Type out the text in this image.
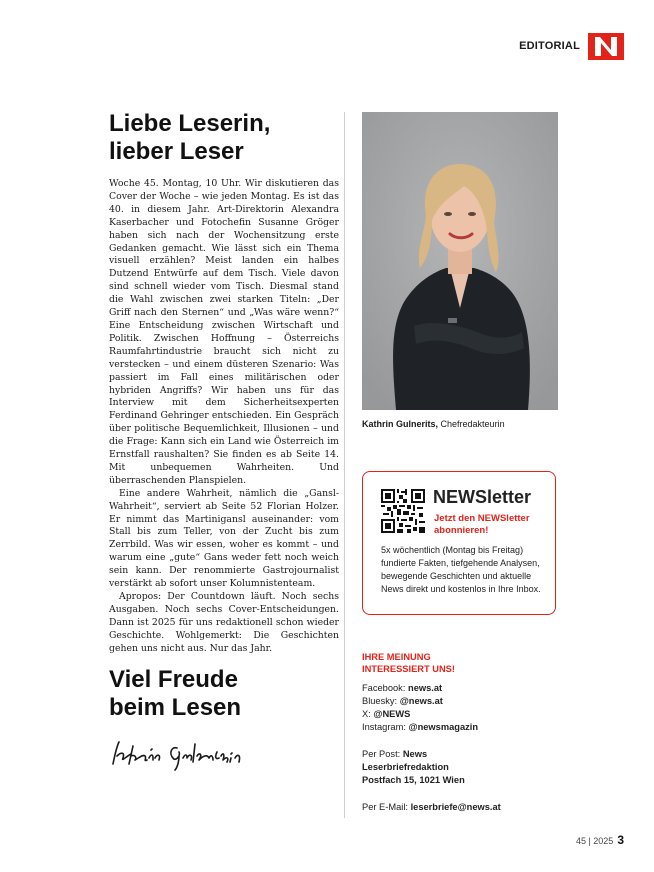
EDITORIAL
Liebe Leserin,
lieber Leser

Woche 45. Montag, 10 Uhr. Wir diskutieren das Cover der Woche – wie jeden Montag. Es ist das 40. in diesem Jahr. Art-Direktorin Alexandra Kaserbacher und Fotochefin Susanne Gröger haben sich nach der Wochensitzung erste Gedanken gemacht. Wie lässt sich ein Thema visuell erzählen? Meist landen ein halbes Dutzend Entwürfe auf dem Tisch. Viele davon sind schnell wieder vom Tisch. Diesmal stand die Wahl zwischen zwei starken Titeln: „Der Griff nach den Sternen“ und „Was wäre wenn?“ Eine Entscheidung zwischen Wirtschaft und Politik. Zwischen Hoffnung – Österreichs Raumfahrtindustrie braucht sich nicht zu verstecken – und einem düsteren Szenario: Was passiert im Fall eines militärischen oder hybriden Angriffs? Wir haben uns für das Interview mit dem Sicherheitsexperten Ferdinand Gehringer entschieden. Ein Gespräch über politische Bequemlichkeit, Illusionen – und die Frage: Kann sich ein Land wie Österreich im Ernstfall raushalten? Sie finden es ab Seite 14. Mit unbequemen Wahrheiten. Und überraschenden Planspielen.

Eine andere Wahrheit, nämlich die „Gansl-Wahrheit“, serviert ab Seite 52 Florian Holzer. Er nimmt das Martinigansl auseinander: vom Stall bis zum Teller, von der Zucht bis zum Zerrbild. Was wir essen, woher es kommt – und warum eine „gute“ Gans weder fett noch weich sein kann. Der renommierte Gastrojournalist verstärkt ab sofort unser Kolumnistenteam.

Apropos: Der Countdown läuft. Noch sechs Ausgaben. Noch sechs Cover-Entscheidungen. Dann ist 2025 für uns redaktionell schon wieder Geschichte. Wohlgemerkt: Die Geschichten gehen uns nicht aus. Nur das Jahr.

Viel Freude
beim Lesen
Kathrin Gulnerits, Chefredakteurin
NEWSletter
Jetzt den NEWSletter abonnieren!
5x wöchentlich (Montag bis Freitag) fundierte Fakten, tiefgehende Analysen, bewegende Geschichten und aktuelle News direkt und kostenlos in Ihre Inbox.
IHRE MEINUNG
INTERESSIERT UNS!
Facebook: news.at
Bluesky: @news.at
X: @NEWS
Instagram: @newsmagazin
Per Post: News
Leserbriefredaktion
Postfach 15, 1021 Wien
Per E-Mail: leserbriefe@news.at
45 | 2025 3
